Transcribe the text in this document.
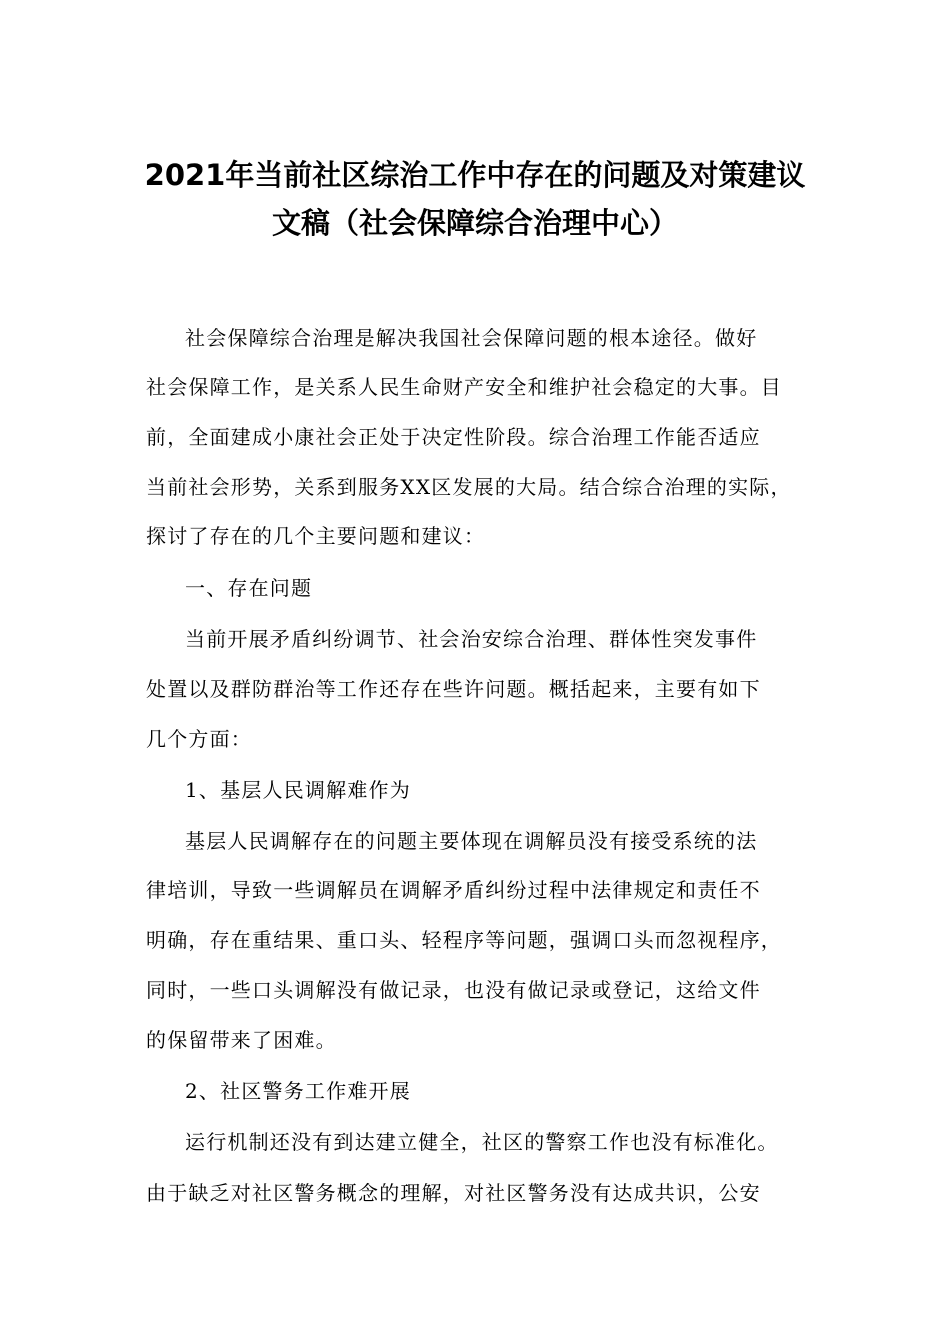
2021年当前社区综治工作中存在的问题及对策建议
文稿（社会保障综合治理中心）
社会保障综合治理是解决我国社会保障问题的根本途径。做好
社会保障工作，是关系人民生命财产安全和维护社会稳定的大事。目
前，全面建成小康社会正处于决定性阶段。综合治理工作能否适应
当前社会形势，关系到服务XX区发展的大局。结合综合治理的实际，
探讨了存在的几个主要问题和建议：
一、存在问题
当前开展矛盾纠纷调节、社会治安综合治理、群体性突发事件
处置以及群防群治等工作还存在些许问题。概括起来，主要有如下
几个方面：
1、基层人民调解难作为
基层人民调解存在的问题主要体现在调解员没有接受系统的法
律培训，导致一些调解员在调解矛盾纠纷过程中法律规定和责任不
明确，存在重结果、重口头、轻程序等问题，强调口头而忽视程序，
同时，一些口头调解没有做记录，也没有做记录或登记，这给文件
的保留带来了困难。
2、社区警务工作难开展
运行机制还没有到达建立健全，社区的警察工作也没有标准化。
由于缺乏对社区警务概念的理解，对社区警务没有达成共识，公安
